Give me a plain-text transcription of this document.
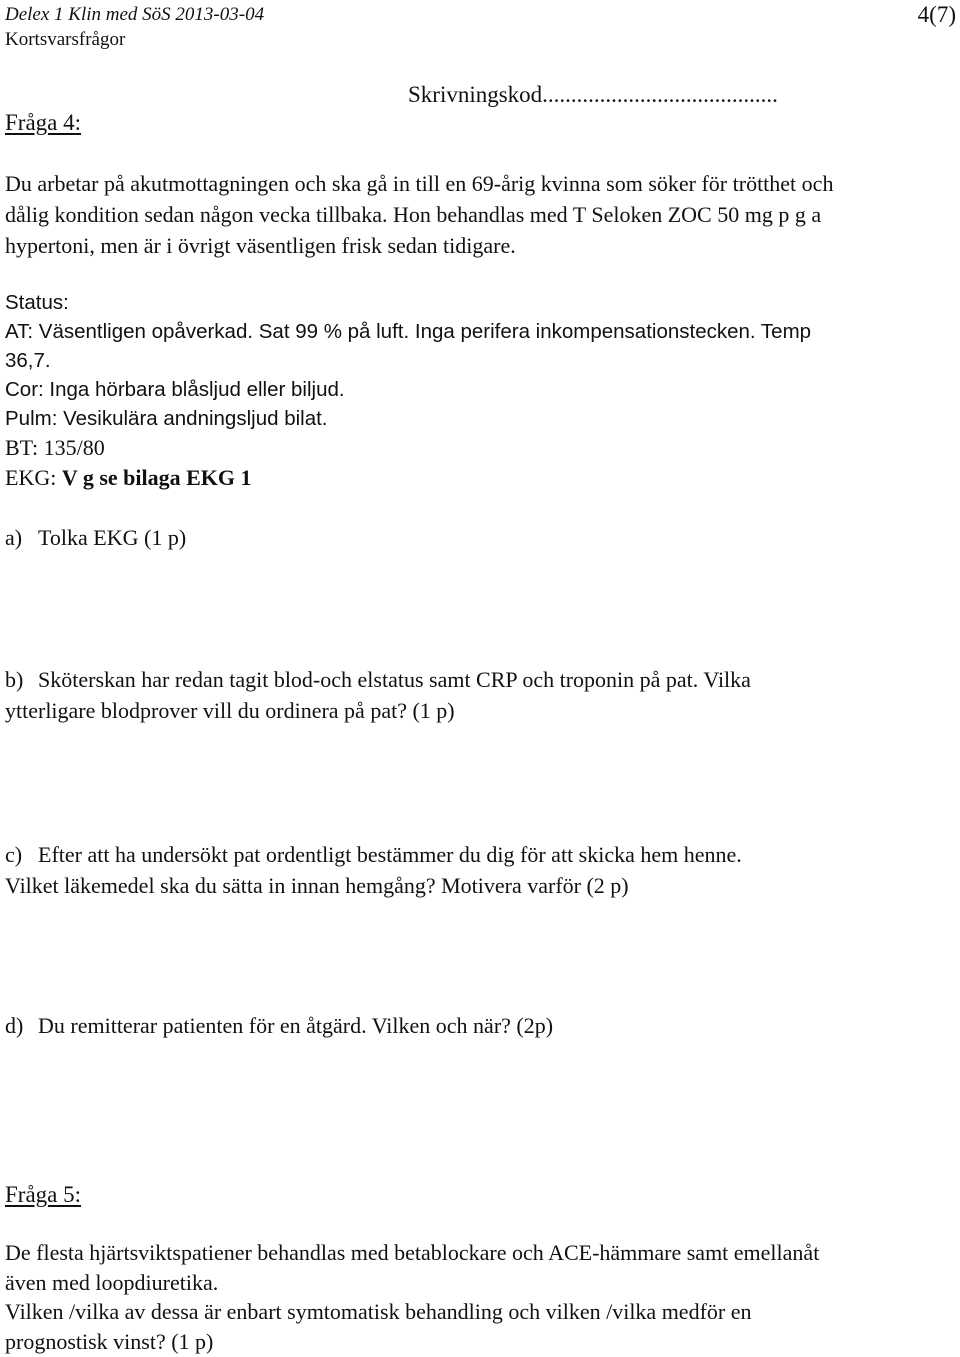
Delex 1 Klin med SöS 2013-03-04
Kortsvarsfrågor
4(7)
Skrivningskod.........................................
Fråga 4:
Du arbetar på akutmottagningen och ska gå in till en 69-årig kvinna som söker för trötthet och
dålig kondition sedan någon vecka tillbaka. Hon behandlas med T Seloken ZOC 50 mg p g a
hypertoni, men är i övrigt väsentligen frisk sedan tidigare.
Status:
AT: Väsentligen opåverkad. Sat 99 % på luft. Inga perifera inkompensationstecken. Temp
36,7.
Cor: Inga hörbara blåsljud eller biljud.
Pulm: Vesikulära andningsljud bilat.
BT: 135/80
EKG: V g se bilaga EKG 1
a) Tolka EKG (1 p)
b) Sköterskan har redan tagit blod-och elstatus samt CRP och troponin på pat. Vilka
ytterligare blodprover vill du ordinera på pat? (1 p)
c) Efter att ha undersökt pat ordentligt bestämmer du dig för att skicka hem henne.
Vilket läkemedel ska du sätta in innan hemgång? Motivera varför (2 p)
d) Du remitterar patienten för en åtgärd. Vilken och när? (2p)
Fråga 5:
De flesta hjärtsviktspatiener behandlas med betablockare och ACE-hämmare samt emellanåt
även med loopdiuretika.
Vilken /vilka av dessa är enbart symtomatisk behandling och vilken /vilka medför en
prognostisk vinst? (1 p)
